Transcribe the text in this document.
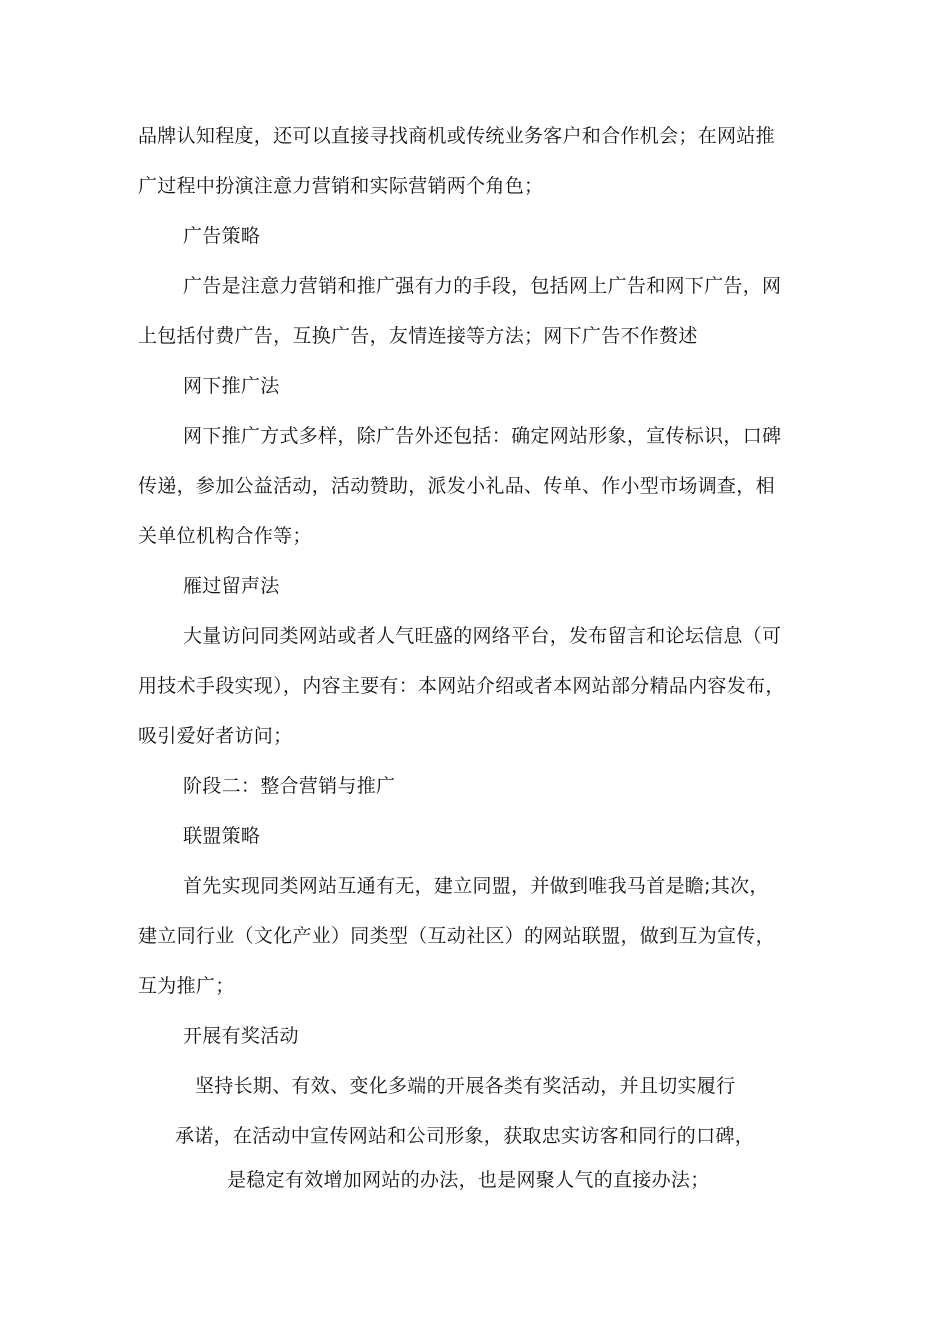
品牌认知程度，还可以直接寻找商机或传统业务客户和合作机会；在网站推
广过程中扮演注意力营销和实际营销两个角色；
广告策略
广告是注意力营销和推广强有力的手段，包括网上广告和网下广告，网
上包括付费广告，互换广告，友情连接等方法；网下广告不作赘述
网下推广法
网下推广方式多样，除广告外还包括：确定网站形象，宣传标识，口碑
传递，参加公益活动，活动赞助，派发小礼品、传单、作小型市场调查，相
关单位机构合作等；
雁过留声法
大量访问同类网站或者人气旺盛的网络平台，发布留言和论坛信息（可
用技术手段实现），内容主要有：本网站介绍或者本网站部分精品内容发布，
吸引爱好者访问；
阶段二：整合营销与推广
联盟策略
首先实现同类网站互通有无，建立同盟，并做到唯我马首是瞻;其次，
建立同行业（文化产业）同类型（互动社区）的网站联盟，做到互为宣传，
互为推广；
开展有奖活动
坚持长期、有效、变化多端的开展各类有奖活动，并且切实履行
承诺，在活动中宣传网站和公司形象，获取忠实访客和同行的口碑，
是稳定有效增加网站的办法，也是网聚人气的直接办法；
